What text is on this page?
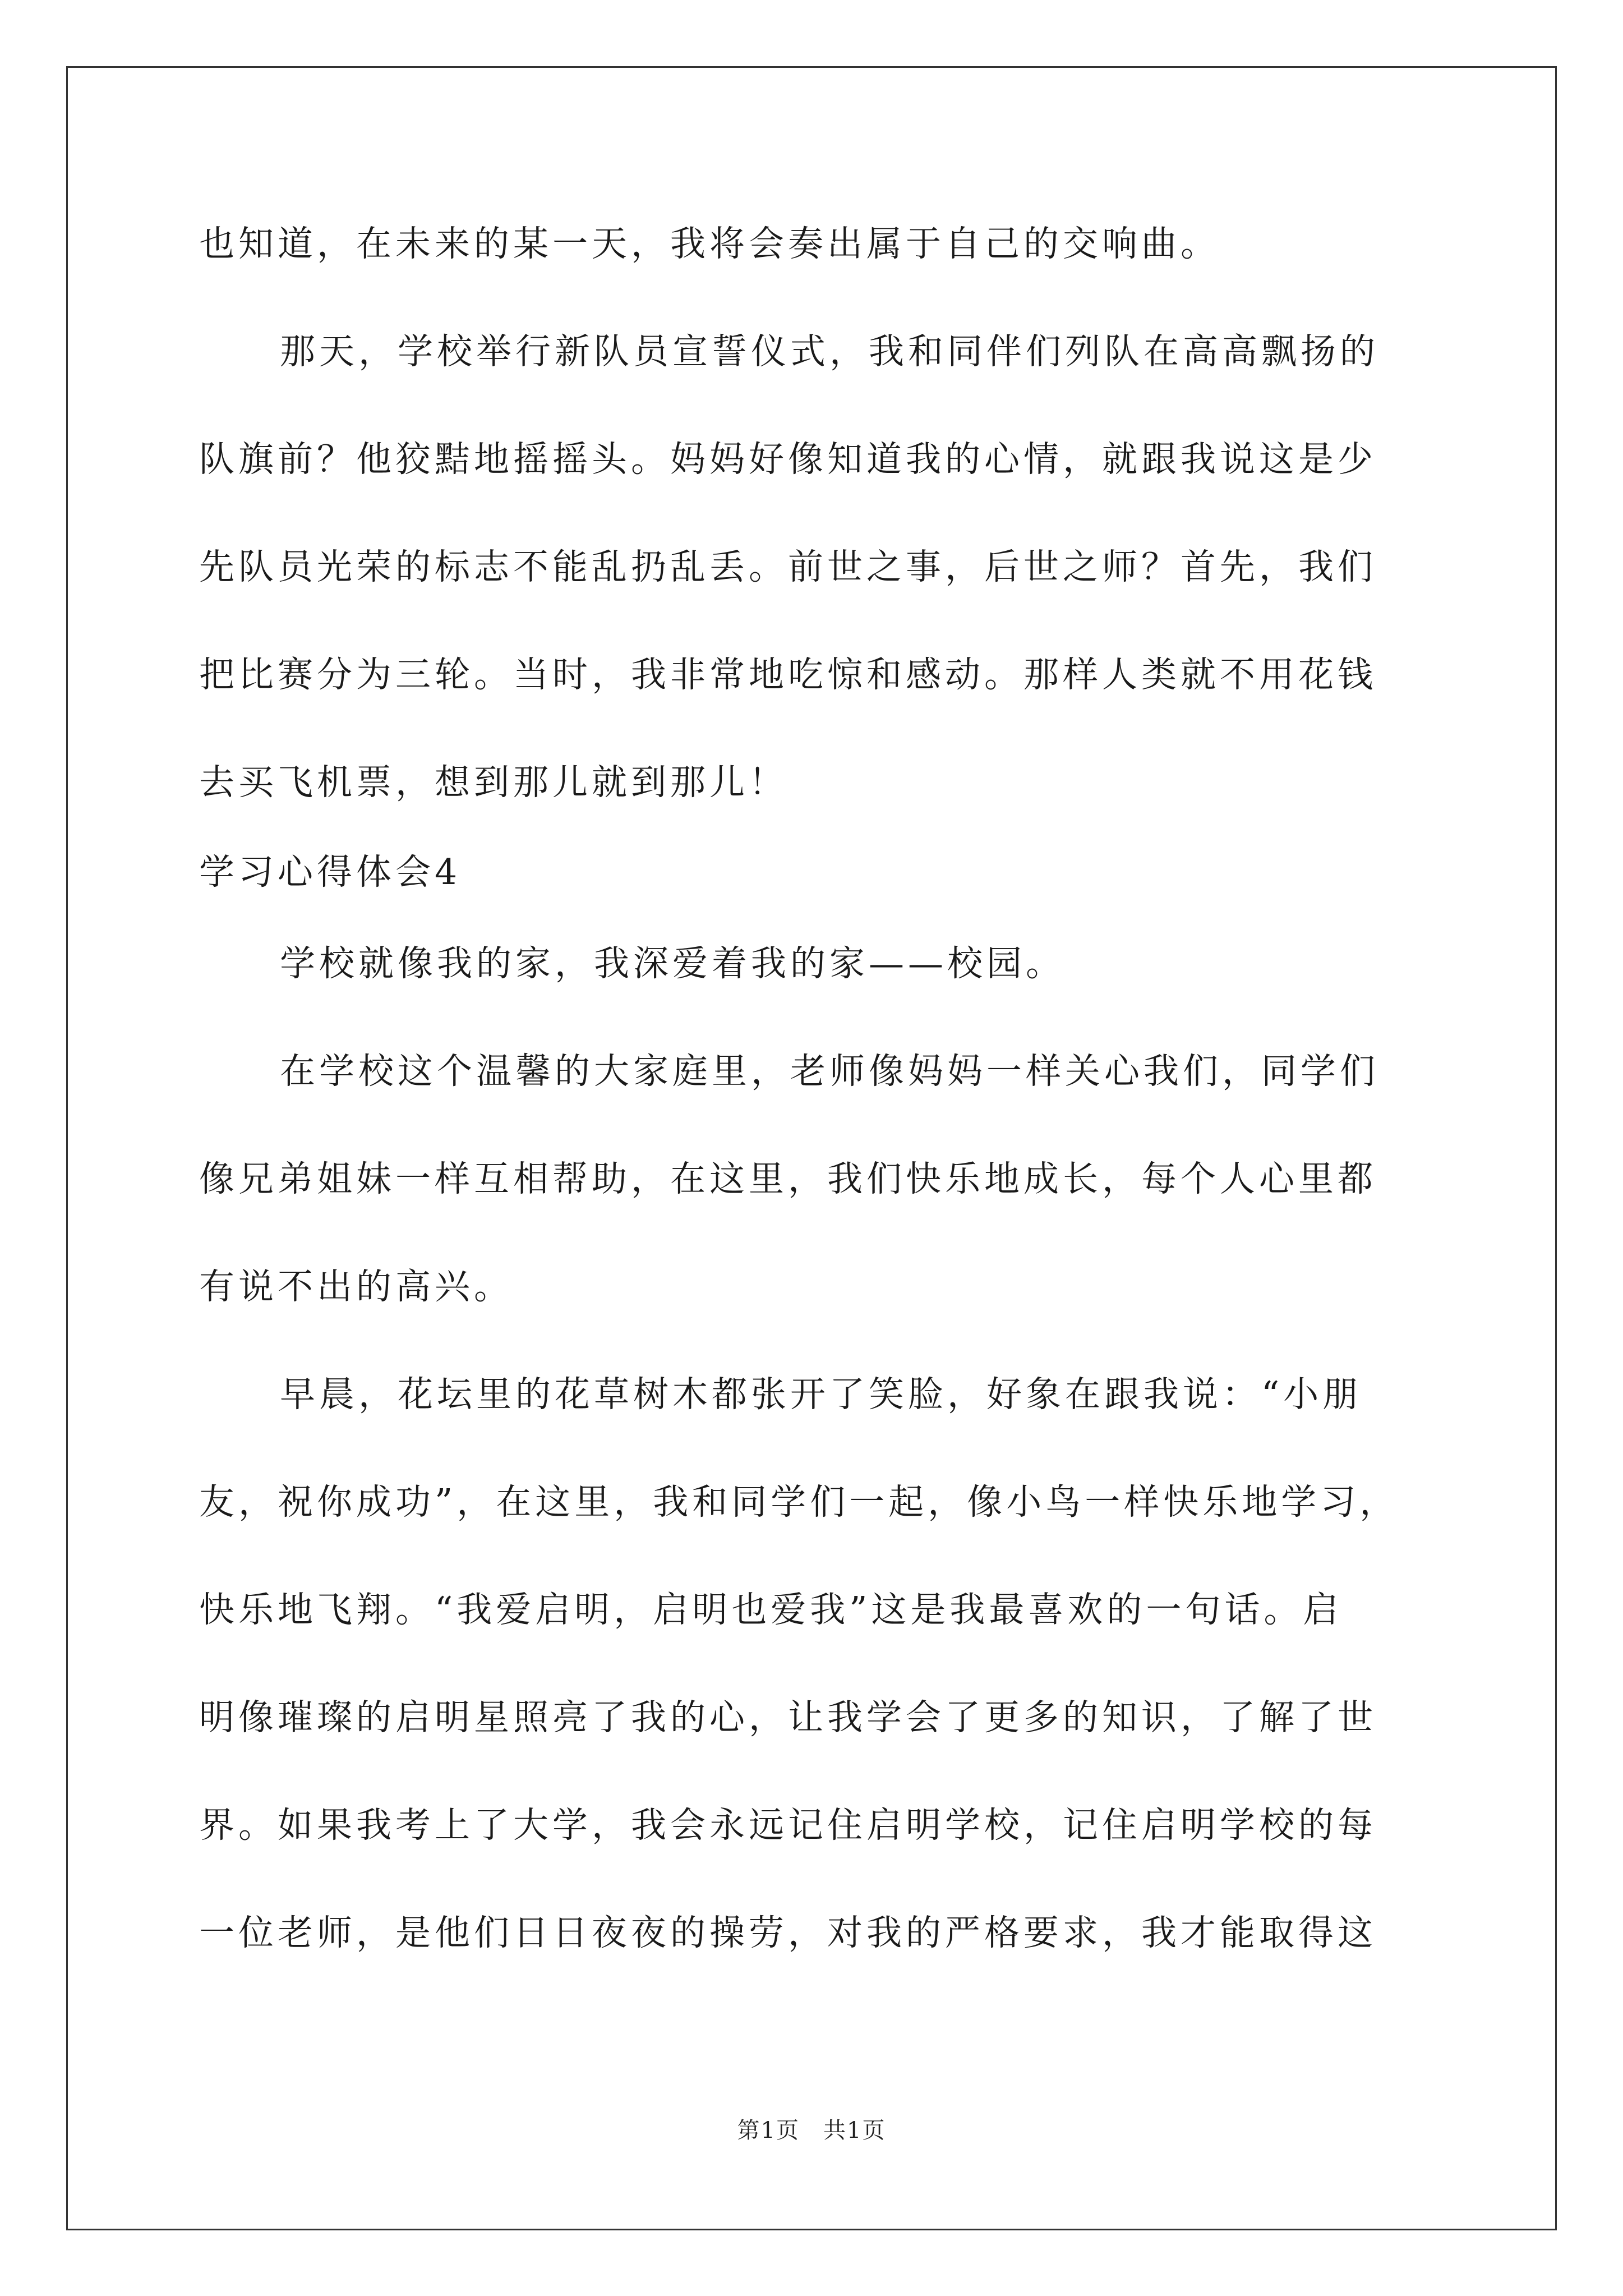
也知道，在未来的某一天，我将会奏出属于自己的交响曲。
那天，学校举行新队员宣誓仪式，我和同伴们列队在高高飘扬的
队旗前？他狡黠地摇摇头。妈妈好像知道我的心情，就跟我说这是少
先队员光荣的标志不能乱扔乱丢。前世之事，后世之师？首先，我们
把比赛分为三轮。当时，我非常地吃惊和感动。那样人类就不用花钱
去买飞机票，想到那儿就到那儿！
学习心得体会4
学校就像我的家，我深爱着我的家——校园。
在学校这个温馨的大家庭里，老师像妈妈一样关心我们，同学们
像兄弟姐妹一样互相帮助，在这里，我们快乐地成长，每个人心里都
有说不出的高兴。
早晨，花坛里的花草树木都张开了笑脸，好象在跟我说：“小朋
友，祝你成功”，在这里，我和同学们一起，像小鸟一样快乐地学习，
快乐地飞翔。“我爱启明，启明也爱我”这是我最喜欢的一句话。启
明像璀璨的启明星照亮了我的心，让我学会了更多的知识，了解了世
界。如果我考上了大学，我会永远记住启明学校，记住启明学校的每
一位老师，是他们日日夜夜的操劳，对我的严格要求，我才能取得这
第1页　共1页
